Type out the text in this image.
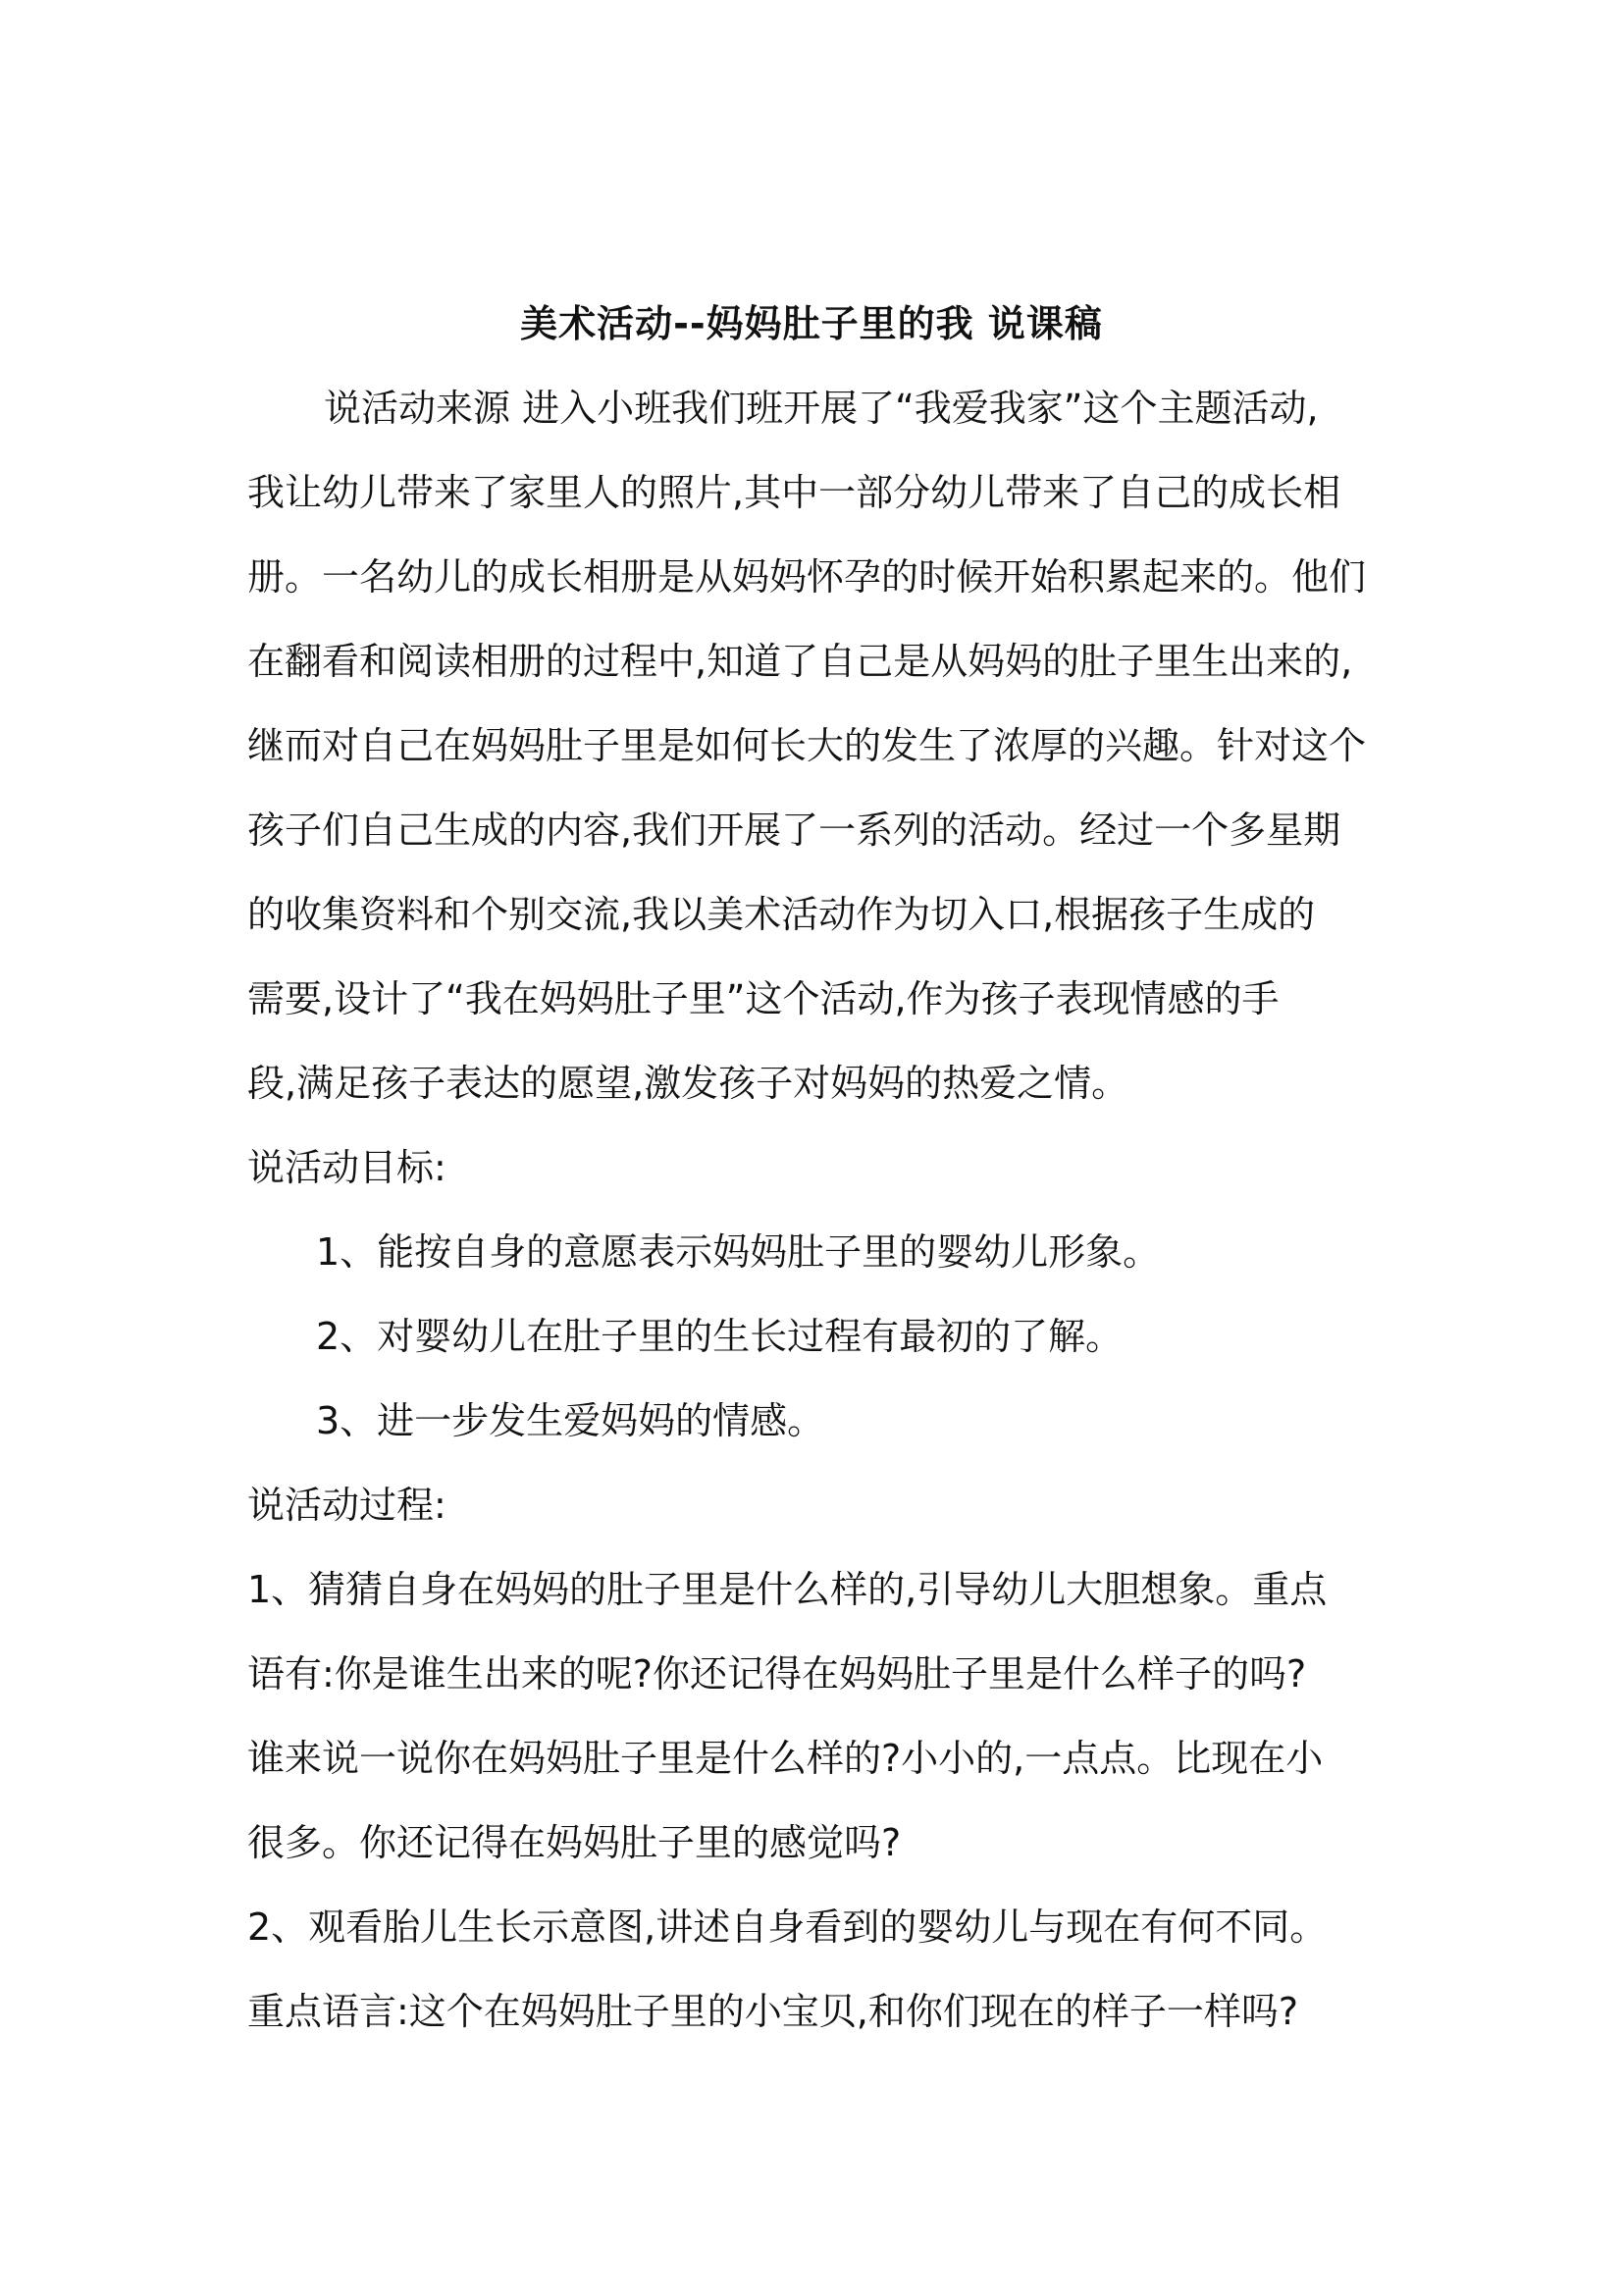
美术活动--妈妈肚子里的我 说课稿
说活动来源 进入小班我们班开展了“我爱我家”这个主题活动,
我让幼儿带来了家里人的照片,其中一部分幼儿带来了自己的成长相
册。一名幼儿的成长相册是从妈妈怀孕的时候开始积累起来的。他们
在翻看和阅读相册的过程中,知道了自己是从妈妈的肚子里生出来的,
继而对自己在妈妈肚子里是如何长大的发生了浓厚的兴趣。针对这个
孩子们自己生成的内容,我们开展了一系列的活动。经过一个多星期
的收集资料和个别交流,我以美术活动作为切入口,根据孩子生成的
需要,设计了“我在妈妈肚子里”这个活动,作为孩子表现情感的手
段,满足孩子表达的愿望,激发孩子对妈妈的热爱之情。
说活动目标:
1、能按自身的意愿表示妈妈肚子里的婴幼儿形象。
2、对婴幼儿在肚子里的生长过程有最初的了解。
3、进一步发生爱妈妈的情感。
说活动过程:
1、猜猜自身在妈妈的肚子里是什么样的,引导幼儿大胆想象。重点
语有:你是谁生出来的呢?你还记得在妈妈肚子里是什么样子的吗?
谁来说一说你在妈妈肚子里是什么样的?小小的,一点点。比现在小
很多。你还记得在妈妈肚子里的感觉吗?
2、观看胎儿生长示意图,讲述自身看到的婴幼儿与现在有何不同。
重点语言:这个在妈妈肚子里的小宝贝,和你们现在的样子一样吗?
